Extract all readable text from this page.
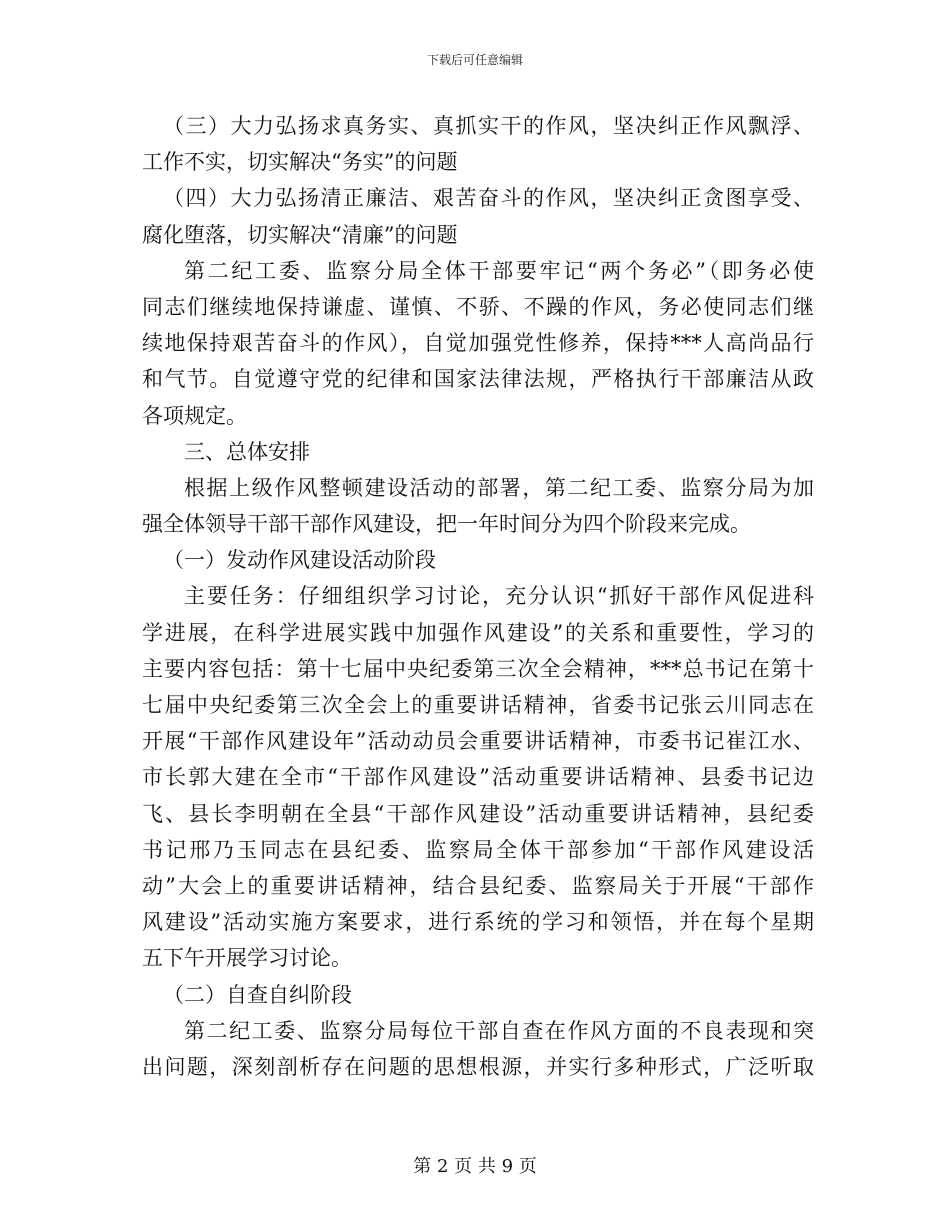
下载后可任意编辑
（三）大力弘扬求真务实、真抓实干的作风，坚决纠正作风飘浮、
工作不实，切实解决“务实”的问题
（四）大力弘扬清正廉洁、艰苦奋斗的作风，坚决纠正贪图享受、
腐化堕落，切实解决“清廉”的问题
第二纪工委、监察分局全体干部要牢记“两个务必”（即务必使
同志们继续地保持谦虚、谨慎、不骄、不躁的作风，务必使同志们继
续地保持艰苦奋斗的作风），自觉加强党性修养，保持***人高尚品行
和气节。自觉遵守党的纪律和国家法律法规，严格执行干部廉洁从政
各项规定。
三、总体安排
根据上级作风整顿建设活动的部署，第二纪工委、监察分局为加
强全体领导干部干部作风建设，把一年时间分为四个阶段来完成。
（一）发动作风建设活动阶段
主要任务：仔细组织学习讨论，充分认识“抓好干部作风促进科
学进展，在科学进展实践中加强作风建设”的关系和重要性，学习的
主要内容包括：第十七届中央纪委第三次全会精神，***总书记在第十
七届中央纪委第三次全会上的重要讲话精神，省委书记张云川同志在
开展“干部作风建设年”活动动员会重要讲话精神，市委书记崔江水、
市长郭大建在全市“干部作风建设”活动重要讲话精神、县委书记边
飞、县长李明朝在全县“干部作风建设”活动重要讲话精神，县纪委
书记邢乃玉同志在县纪委、监察局全体干部参加“干部作风建设活
动”大会上的重要讲话精神，结合县纪委、监察局关于开展“干部作
风建设”活动实施方案要求，进行系统的学习和领悟，并在每个星期
五下午开展学习讨论。
（二）自查自纠阶段
第二纪工委、监察分局每位干部自查在作风方面的不良表现和突
出问题，深刻剖析存在问题的思想根源，并实行多种形式，广泛听取
第 2 页 共 9 页
